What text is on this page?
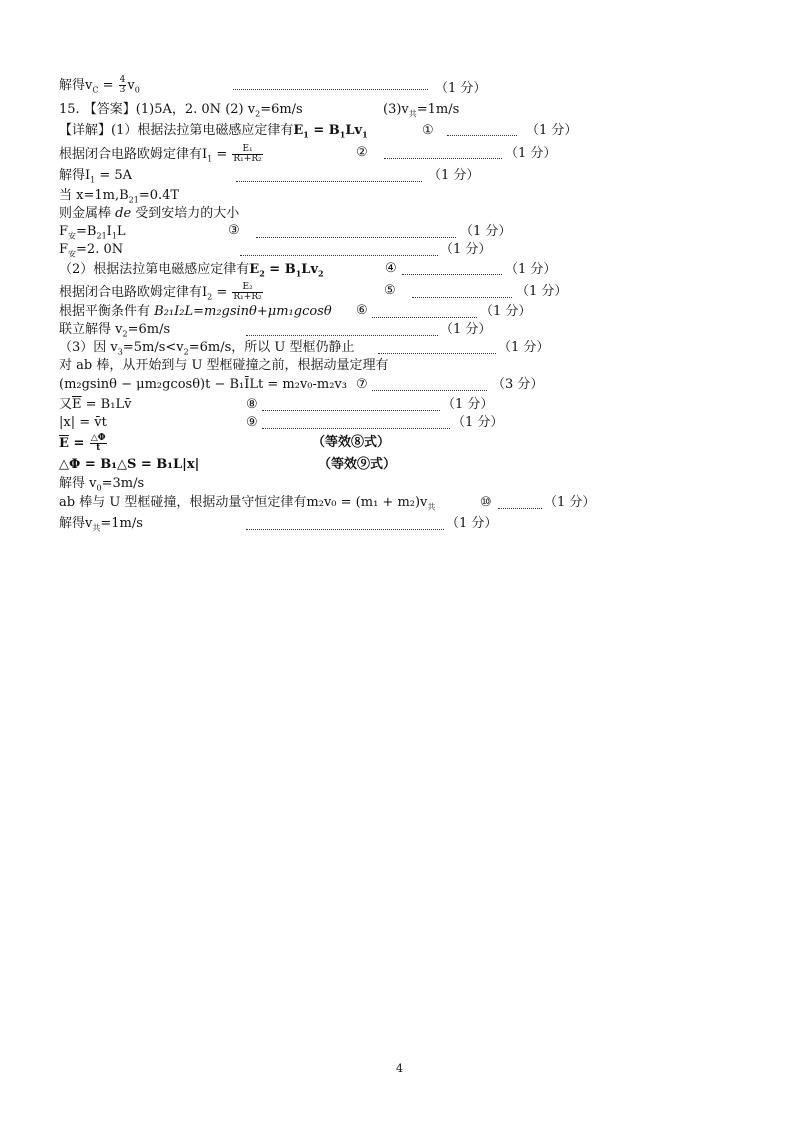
解得$v_C = \frac{4}{3} v_0$	（1 分）
15. 【答案】(1)5A，2. 0N (2) $v_2=6m/s$	$(3)v_共=1m/s$
【详解】(1）根据法拉第电磁感应定律有$E_1 = B_1Lv_1$	①	（1 分）
根据闭合电路欧姆定律有$I_1 = \frac{\text{E₁}}{\text{R₁+R₂}}$	②	（1 分）
解得$I_1 = 5A$	（1 分）
当 $x=1m,B_{21}=0.4T$
则金属棒 de 受到安培力的大小
$F_安=B_{21}I_1L$	③	（1 分）
$F_安=2$. 0N	（1 分）
（2）根据法拉第电磁感应定律有$E_2 = B_1Lv_2$	④	（1 分）
根据闭合电路欧姆定律有$I_2 = \frac{\text{E₂}}{\text{R₁+R₂}}$	⑤	（1 分）
根据平衡条件有 B₂₁I₂L=m₂gsinθ+μm₁gcosθ ⑥	（1 分）
联立解得 $v_2=6m/s$	（1 分）
（3）因 $v_3=5m/s<v_2=6m/s$，所以 U 型框仍静止	（1 分）
对 ab 棒，从开始到与 U 型框碰撞之前，根据动量定理有
(m₂gsinθ − μm₂gcosθ)t − B₁ĪLt = m₂v₀-m₂v₃ ⑦	（3 分）
又$\overline{E}$ = B₁Lv̄	⑧	（1 分）
|x| = v̄t	⑨	（1 分）
$\overline{E} = \frac{\triangle\Phi}{t}$	（等效⑧式）
△Φ = B₁△S = B₁L|x|	（等效⑨式）
解得 $v_0=3m/s$
ab 棒与 U 型框碰撞，根据动量守恒定律有$m_2v_0 = (m_1 + m_2)v_共$	⑩	（1 分）
解得$v_共=1m/s$	（1 分）
4
